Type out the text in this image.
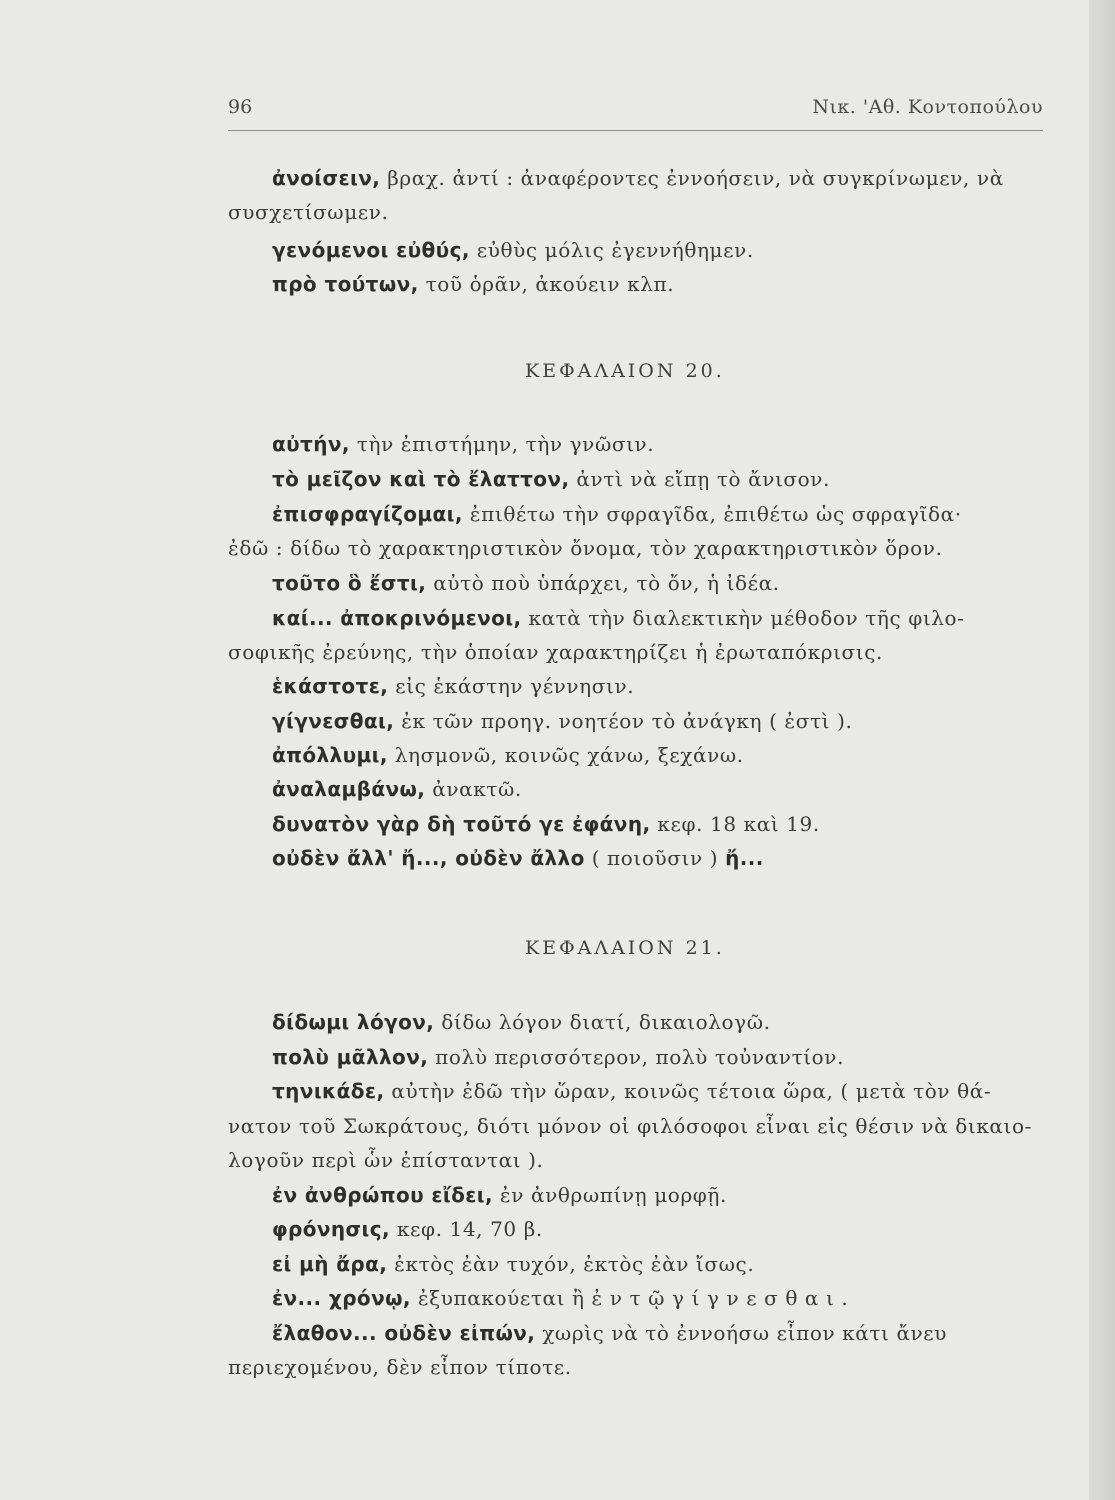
96	Νικ. 'Αθ. Κοντοπούλου
ἀνοίσειν, βραχ. ἀντί : ἀναφέροντες ἐννοήσειν, νὰ συγκρίνωμεν, νὰ
συσχετίσωμεν.
γενόμενοι εὐθύς, εὐθὺς μόλις ἐγεννήθημεν.
πρὸ τούτων, τοῦ ὁρᾶν, ἀκούειν κλπ.
ΚΕΦΑΛΑΙΟΝ 20.
αὐτήν, τὴν ἐπιστήμην, τὴν γνῶσιν.
τὸ μεῖζον καὶ τὸ ἔλαττον, ἀντὶ νὰ εἴπῃ τὸ ἄνισον.
ἐπισφραγίζομαι, ἐπιθέτω τὴν σφραγῖδα, ἐπιθέτω ὡς σφραγῖδα·
ἐδῶ : δίδω τὸ χαρακτηριστικὸν ὄνομα, τὸν χαρακτηριστικὸν ὅρον.
τοῦτο ὃ ἔστι, αὐτὸ ποὺ ὑπάρχει, τὸ ὄν, ἡ ἰδέα.
καί... ἀποκρινόμενοι, κατὰ τὴν διαλεκτικὴν μέθοδον τῆς φιλο-
σοφικῆς ἐρεύνης, τὴν ὁποίαν χαρακτηρίζει ἡ ἐρωταπόκρισις.
ἑκάστοτε, εἰς ἑκάστην γέννησιν.
γίγνεσθαι, ἐκ τῶν προηγ. νοητέον τὸ ἀνάγκη ( ἐστὶ ).
ἀπόλλυμι, λησμονῶ, κοινῶς χάνω, ξεχάνω.
ἀναλαμβάνω, ἀνακτῶ.
δυνατὸν γὰρ δὴ τοῦτό γε ἐφάνη, κεφ. 18 καὶ 19.
οὐδὲν ἄλλ' ἤ..., οὐδὲν ἄλλο ( ποιοῦσιν ) ἤ...
ΚΕΦΑΛΑΙΟΝ 21.
δίδωμι λόγον, δίδω λόγον διατί, δικαιολογῶ.
πολὺ μᾶλλον, πολὺ περισσότερον, πολὺ τοὐναντίον.
τηνικάδε, αὐτὴν ἐδῶ τὴν ὥραν, κοινῶς τέτοια ὥρα, ( μετὰ τὸν θά-
νατον τοῦ Σωκράτους, διότι μόνον οἱ φιλόσοφοι εἶναι εἰς θέσιν νὰ δικαιο-
λογοῦν περὶ ὧν ἐπίστανται ).
ἐν ἀνθρώπου εἴδει, ἐν ἀνθρωπίνῃ μορφῇ.
φρόνησις, κεφ. 14, 70 β.
εἰ μὴ ἄρα, ἐκτὸς ἐὰν τυχόν, ἐκτὸς ἐὰν ἴσως.
ἐν... χρόνῳ, ἐξυπακούεται ἢ ἐ ν τ ῷ γ ί γ ν ε σ θ α ι .
ἔλαθον... οὐδὲν εἰπών, χωρὶς νὰ τὸ ἐννοήσω εἶπον κάτι ἄνευ
περιεχομένου, δὲν εἶπον τίποτε.
